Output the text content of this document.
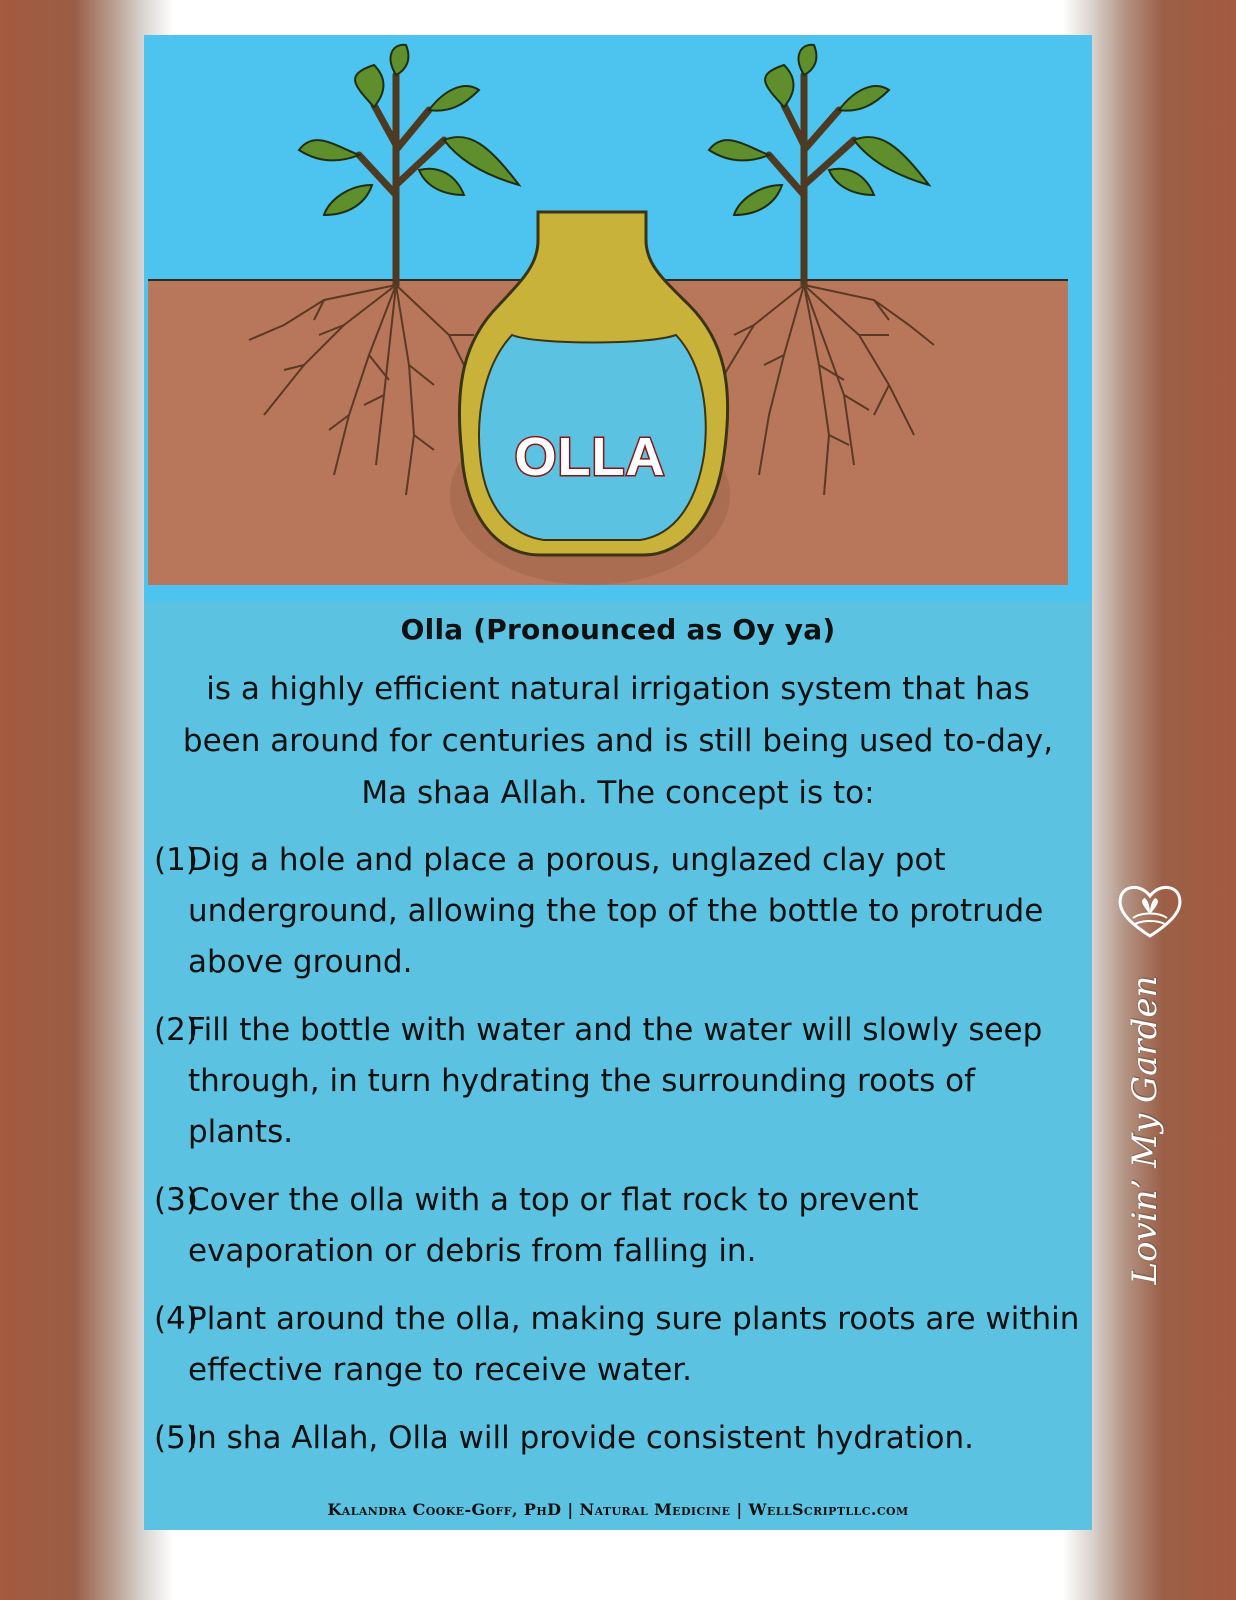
OLLA
Olla (Pronounced as Oy ya)
is a highly efficient natural irrigation system that has been around for centuries and is still being used to-day, Ma shaa Allah. The concept is to:
(1)
Dig a hole and place a porous, unglazed clay pot underground, allowing the top of the bottle to protrude above ground.
(2)
Fill the bottle with water and the water will slowly seep through, in turn hydrating the surrounding roots of plants.
(3)
Cover the olla with a top or flat rock to prevent evaporation or debris from falling in.
(4)
Plant around the olla, making sure plants roots are within effective range to receive water.
(5)
In sha Allah, Olla will provide consistent hydration.
Kalandra Cooke-Goff, PhD | Natural Medicine | WellScriptllc.com
Lovin’ My Garden
